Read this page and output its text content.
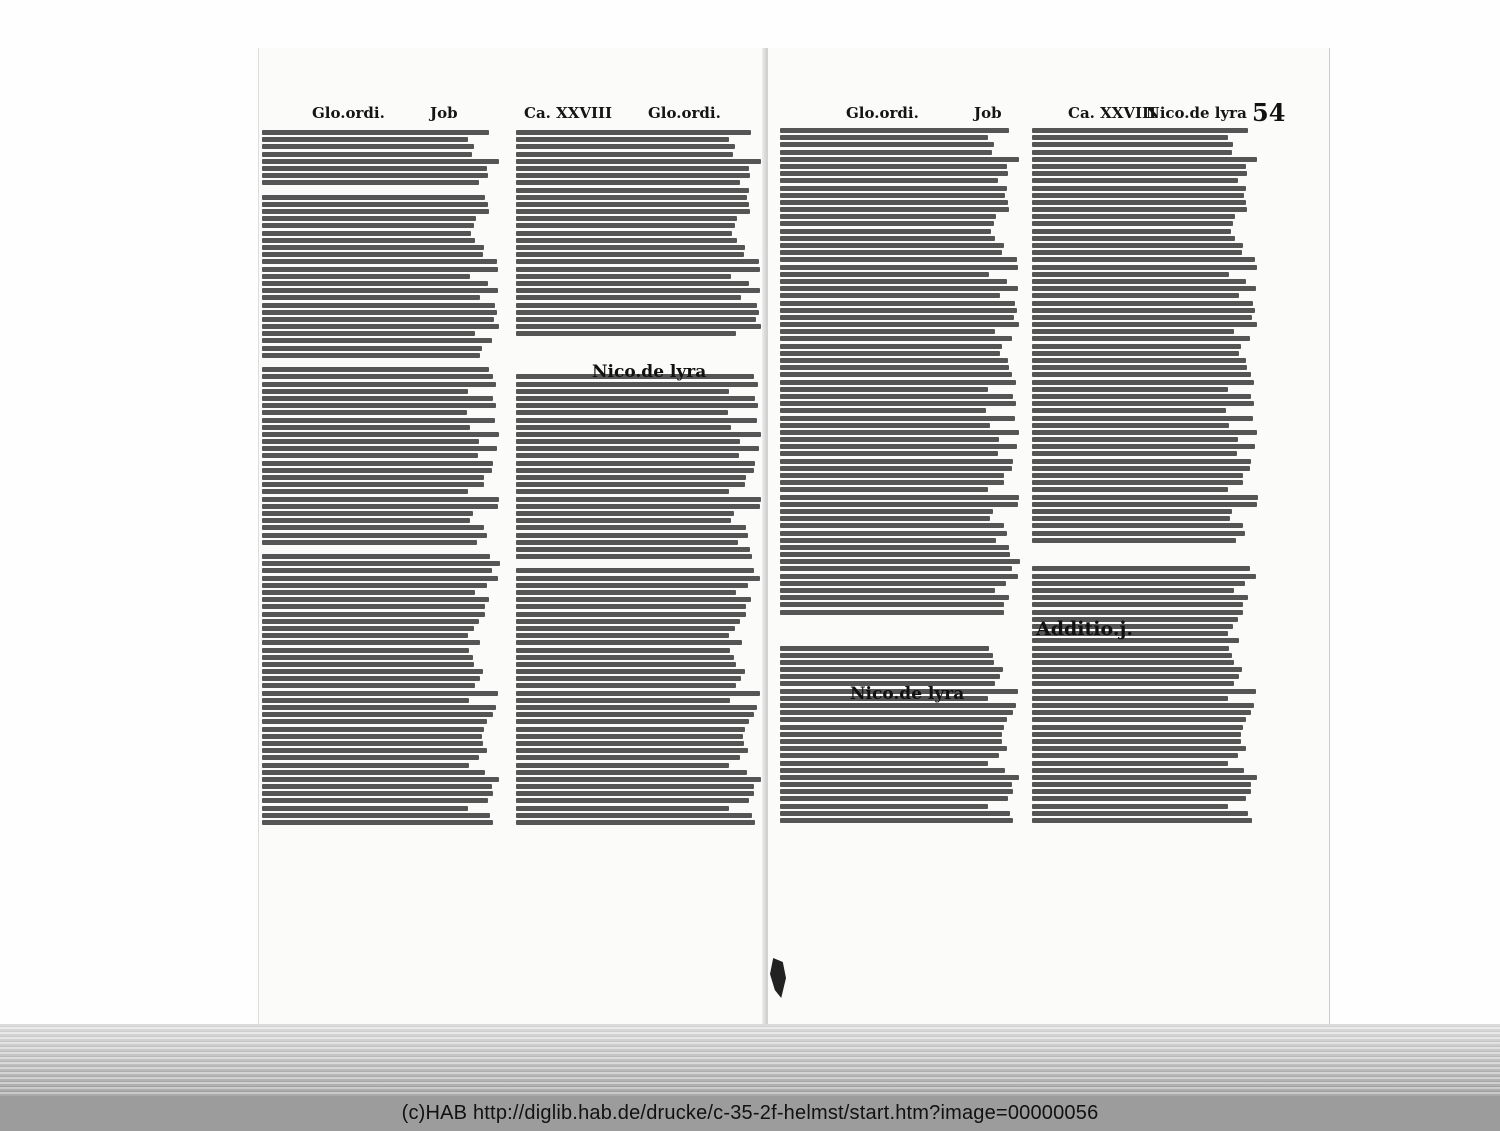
Glo.ordi.	Job	Ca. XXVIII Glo.ordi.	Glo.ordi.	Job	Ca. XXVIII
Nico.de lyra 54
Nico.de lyra
Nico.de lyra
Additio.j.
(c)HAB http://diglib.hab.de/drucke/c-35-2f-helmst/start.htm?image=00000056
